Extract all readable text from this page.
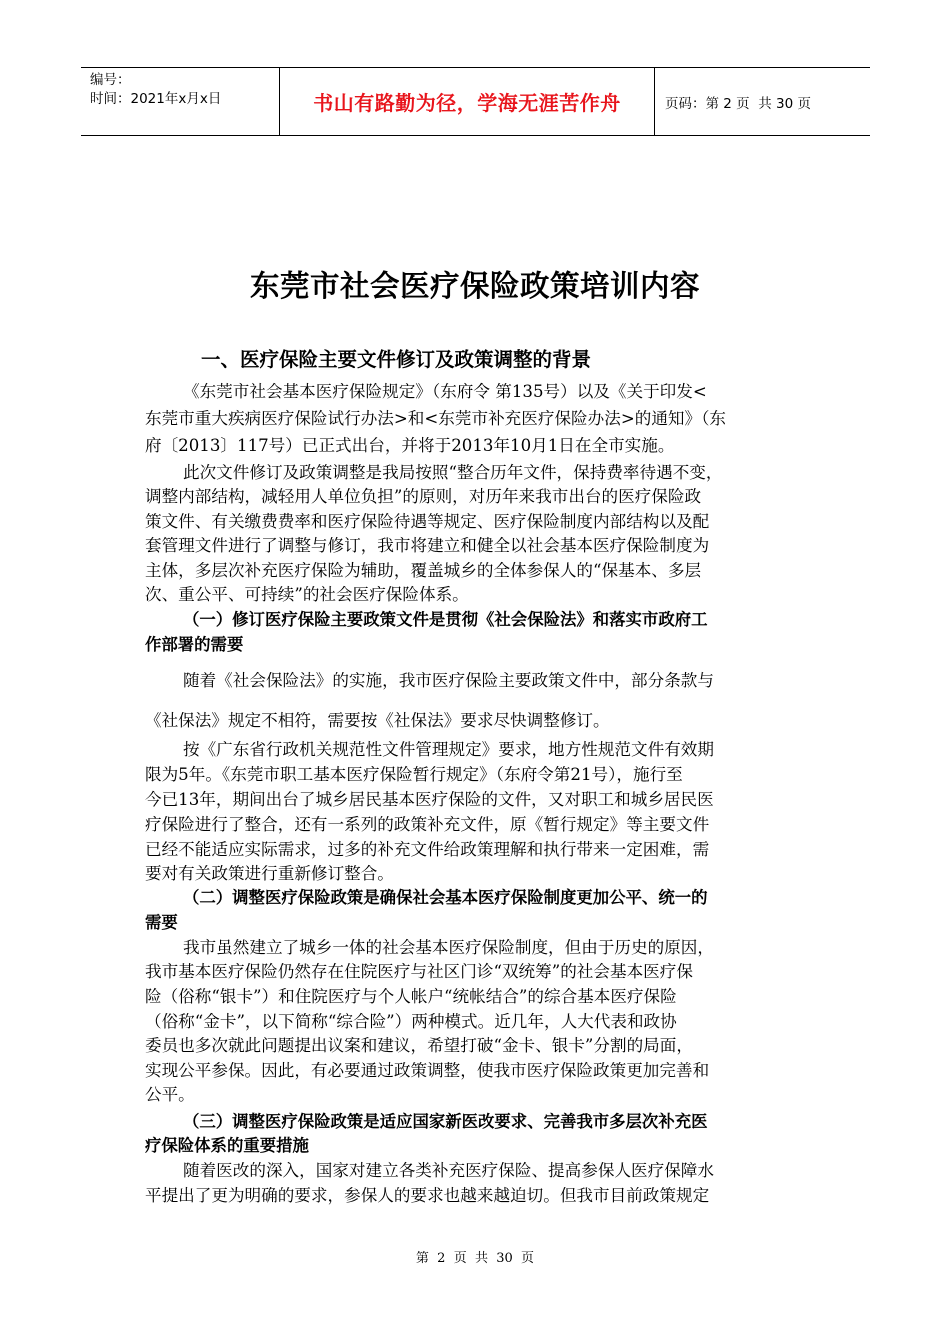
编号：
时间：2021年x月x日	书山有路勤为径，学海无涯苦作舟	页码：第 2 页  共 30 页
东莞市社会医疗保险政策培训内容
一、医疗保险主要文件修订及政策调整的背景
《东莞市社会基本医疗保险规定》（东府令 第135号）以及《关于印发<
东莞市重大疾病医疗保险试行办法>和<东莞市补充医疗保险办法>的通知》（东
府〔2013〕117号）已正式出台，并将于2013年10月1日在全市实施。
此次文件修订及政策调整是我局按照“整合历年文件，保持费率待遇不变，
调整内部结构，减轻用人单位负担”的原则，对历年来我市出台的医疗保险政
策文件、有关缴费费率和医疗保险待遇等规定、医疗保险制度内部结构以及配
套管理文件进行了调整与修订，我市将建立和健全以社会基本医疗保险制度为
主体，多层次补充医疗保险为辅助，覆盖城乡的全体参保人的“保基本、多层
次、重公平、可持续”的社会医疗保险体系。
（一）修订医疗保险主要政策文件是贯彻《社会保险法》和落实市政府工
作部署的需要
随着《社会保险法》的实施，我市医疗保险主要政策文件中，部分条款与
《社保法》规定不相符，需要按《社保法》要求尽快调整修订。
按《广东省行政机关规范性文件管理规定》要求，地方性规范文件有效期
限为5年。《东莞市职工基本医疗保险暂行规定》（东府令第21号），施行至
今已13年，期间出台了城乡居民基本医疗保险的文件，又对职工和城乡居民医
疗保险进行了整合，还有一系列的政策补充文件，原《暂行规定》等主要文件
已经不能适应实际需求，过多的补充文件给政策理解和执行带来一定困难，需
要对有关政策进行重新修订整合。
（二）调整医疗保险政策是确保社会基本医疗保险制度更加公平、统一的
需要
我市虽然建立了城乡一体的社会基本医疗保险制度，但由于历史的原因，
我市基本医疗保险仍然存在住院医疗与社区门诊“双统筹”的社会基本医疗保
险（俗称“银卡”）和住院医疗与个人帐户“统帐结合”的综合基本医疗保险
（俗称“金卡”，以下简称“综合险”）两种模式。近几年，人大代表和政协
委员也多次就此问题提出议案和建议，希望打破“金卡、银卡”分割的局面，
实现公平参保。因此，有必要通过政策调整，使我市医疗保险政策更加完善和
公平。
（三）调整医疗保险政策是适应国家新医改要求、完善我市多层次补充医
疗保险体系的重要措施
随着医改的深入，国家对建立各类补充医疗保险、提高参保人医疗保障水
平提出了更为明确的要求，参保人的要求也越来越迫切。但我市目前政策规定
第  2  页  共  30  页
